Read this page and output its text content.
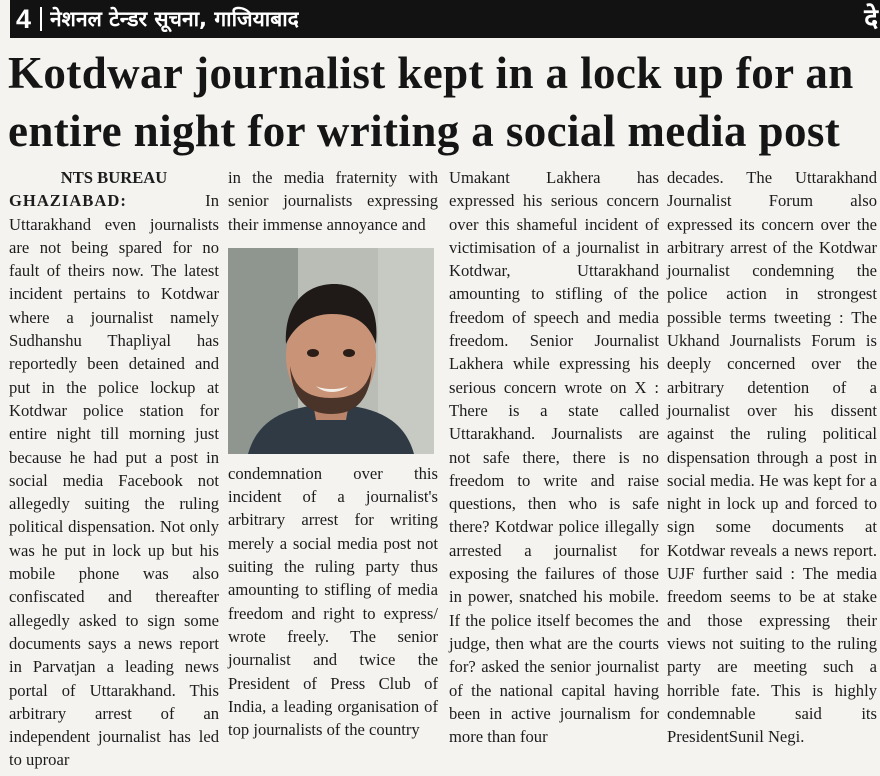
4 नेशनल टेन्डर सूचना, गाजियाबाद	दे
Kotdwar journalist kept in a lock up for an entire night for writing a social media post
NTS BUREAU

GHAZIABAD:	In Uttarakhand even journalists are not being spared for no fault of theirs now. The latest incident pertains to Kotdwar where a journalist namely Sudhanshu Thapliyal has reportedly been detained and put in the police lockup at Kotdwar police station for entire night till morning just because he had put a post in social media Facebook not allegedly suiting the ruling political dispensation. Not only was he put in lock up but his mobile phone was also confiscated and thereafter allegedly asked to sign some documents says a news report in Parvatjan a leading news portal of Uttarakhand. This arbitrary arrest of an independent journalist has led to uproar

in the media fraternity with senior journalists expressing their immense annoyance and

condemnation over this incident of a journalist's arbitrary arrest for writing merely a social media post not suiting the ruling party thus amounting to stifling of media freedom and right to express/ wrote freely. The senior journalist and twice the President of Press Club of India, a leading organisation of top journalists of the country

Umakant Lakhera has expressed his serious concern over this shameful incident of victimisation of a journalist in Kotdwar, Uttarakhand amounting to stifling of the freedom of speech and media freedom. Senior Journalist Lakhera while expressing his serious concern wrote on X : There is a state called Uttarakhand. Journalists are not safe there, there is no freedom to write and raise questions, then who is safe there? Kotdwar police illegally arrested a journalist for exposing the failures of those in power, snatched his mobile. If the police itself becomes the judge, then what are the courts for? asked the senior journalist of the national capital having been in active journalism for more than four

decades. The Uttarakhand Journalist Forum also expressed its concern over the arbitrary arrest of the Kotdwar journalist condemning the police action in strongest possible terms tweeting : The Ukhand Journalists Forum is deeply concerned over the arbitrary detention of a journalist over his dissent against the ruling political dispensation through a post in social media. He was kept for a night in lock up and forced to sign some documents at Kotdwar reveals a news report. UJF further said : The media freedom seems to be at stake and those expressing their views not suiting to the ruling party are meeting such a horrible fate. This is highly condemnable said its PresidentSunil Negi.
